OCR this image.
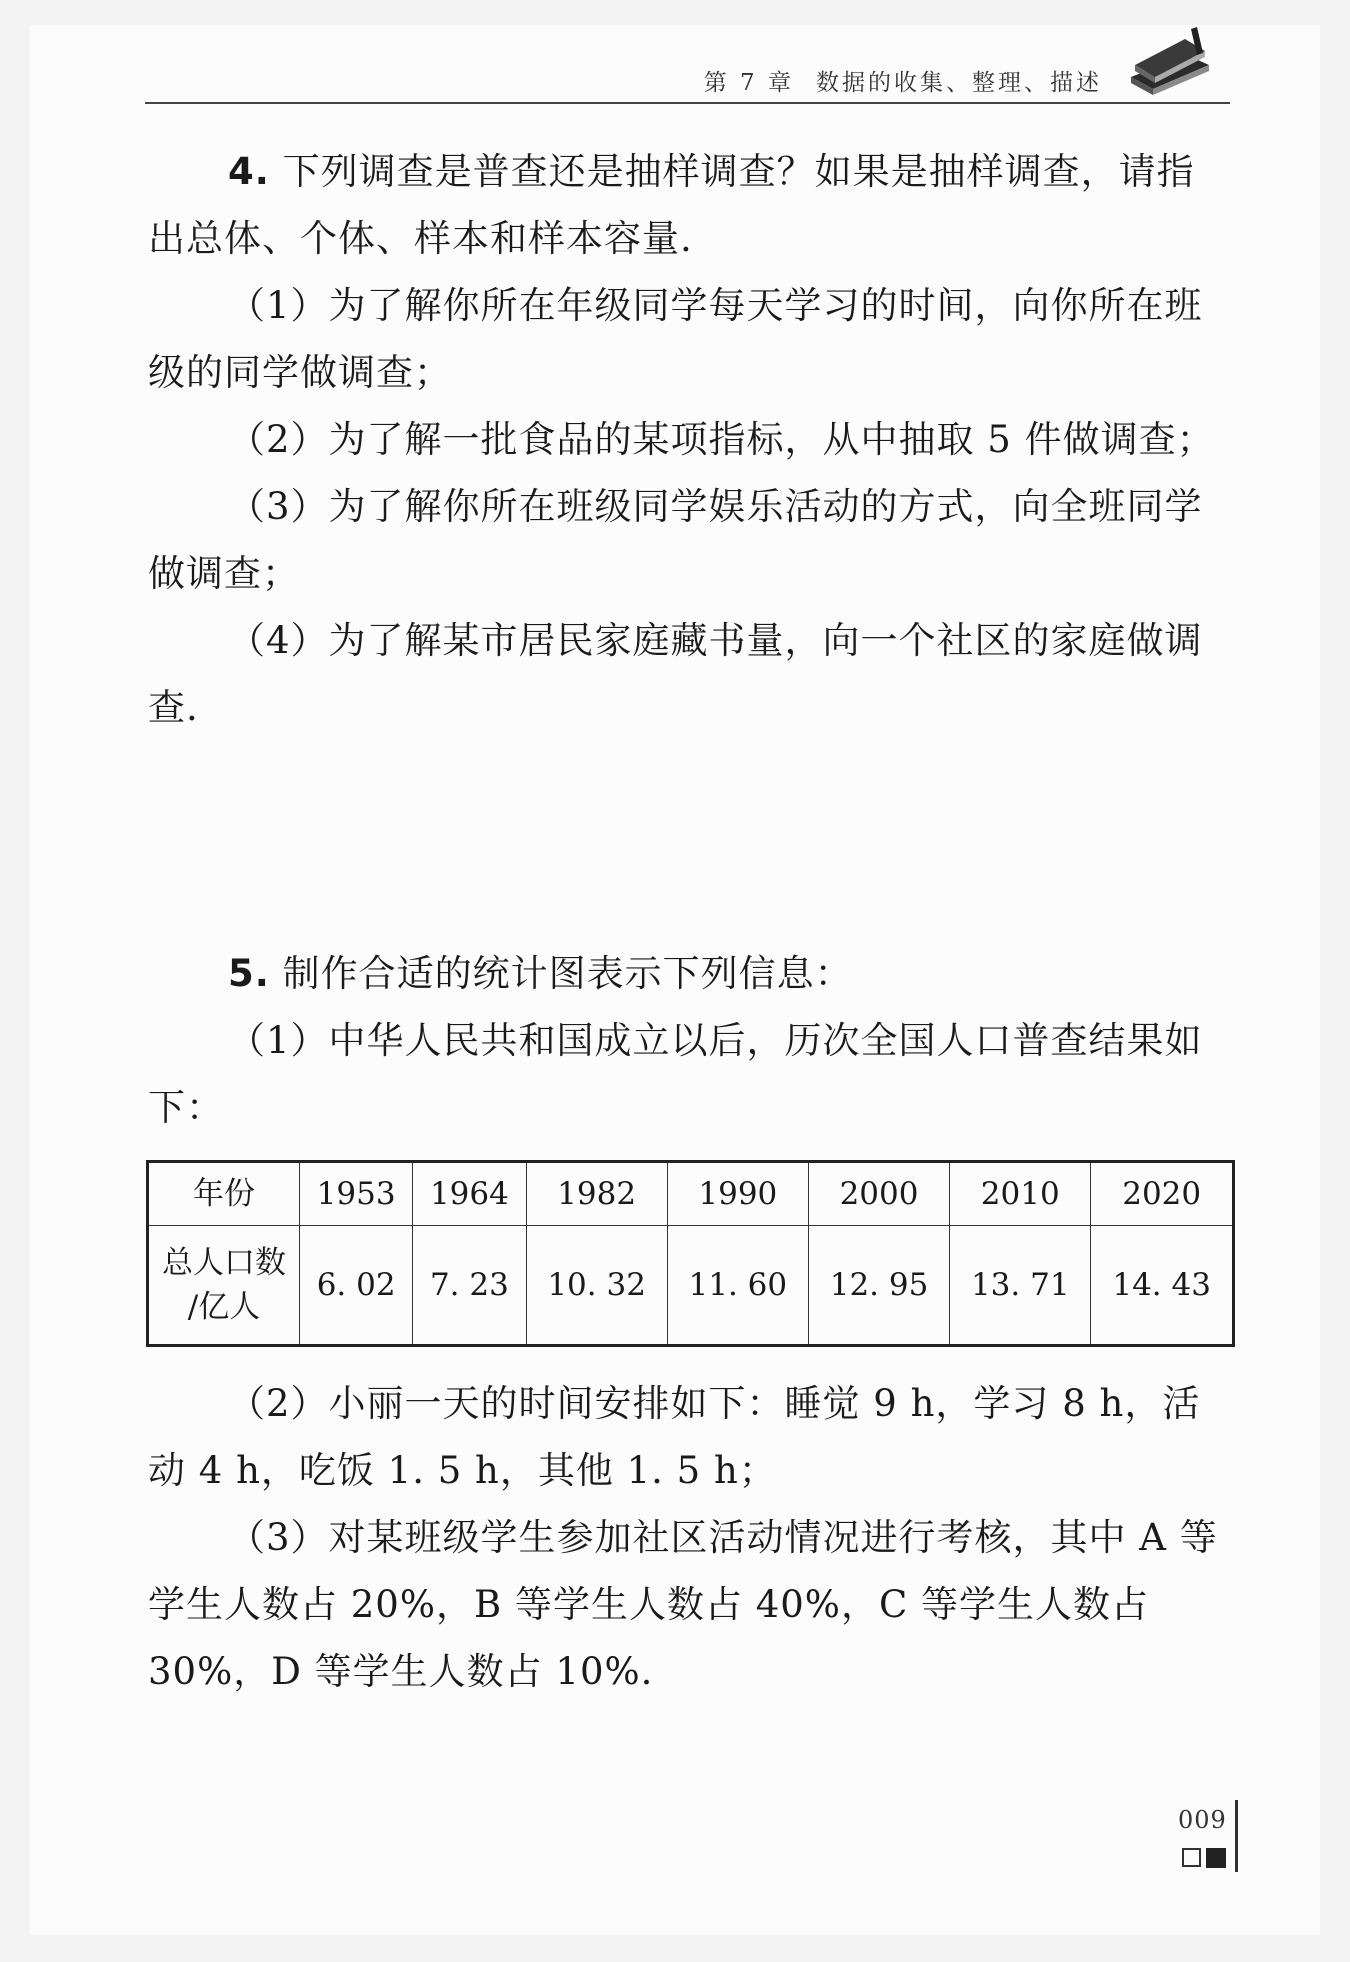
第 7 章 数据的收集、整理、描述

4. 下列调查是普查还是抽样调查？如果是抽样调查，请指

出总体、个体、样本和样本容量.

（1）为了解你所在年级同学每天学习的时间，向你所在班级的同学做调查；

（2）为了解一批食品的某项指标，从中抽取 5 件做调查；

（3）为了解你所在班级同学娱乐活动的方式，向全班同学做调查；

（4）为了解某市居民家庭藏书量，向一个社区的家庭做调查.

5. 制作合适的统计图表示下列信息：

（1）中华人民共和国成立以后，历次全国人口普查结果如下：

年份	1953	1964	1982	1990	2000	2010	2020
总人口数
/亿人	6. 02	7. 23	10. 32	11. 60	12. 95	13. 71	14. 43

（2）小丽一天的时间安排如下：睡觉 9 h，学习 8 h，活动 4 h，吃饭 1. 5 h，其他 1. 5 h；

（3）对某班级学生参加社区活动情况进行考核，其中 A 等学生人数占 20%，B 等学生人数占 40%，C 等学生人数占 30%，D 等学生人数占 10%.

009
